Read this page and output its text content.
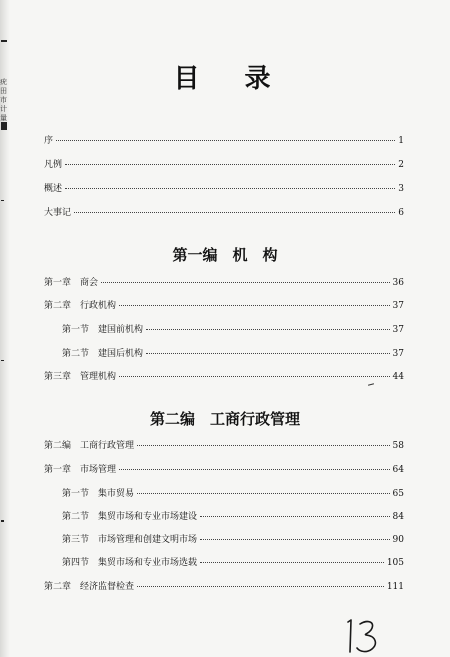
疣田市计量
目 录
序	1
凡例	2
概述	3
大事记	6
第一编　机　构
第一章　商会	36
第二章　行政机构	37
第一节　建国前机构	37
第二节　建国后机构	37
第三章　管理机构	44
第二编　工商行政管理
第二编　工商行政管理	58
第一章　市场管理	64
第一节　集市贸易	65
第二节　集贸市场和专业市场建设	84
第三节　市场管理和创建文明市场	90
第四节　集贸市场和专业市场选载	105
第二章　经济监督检查	111
